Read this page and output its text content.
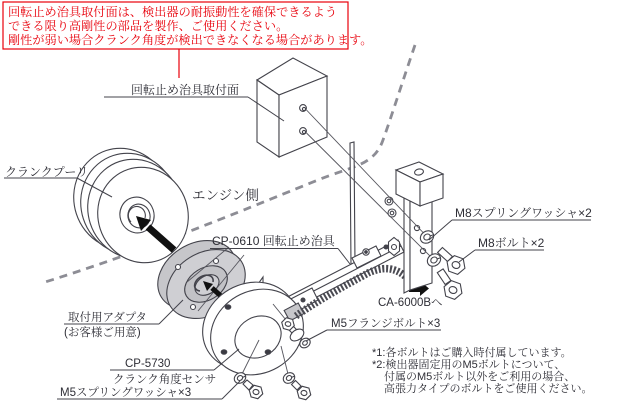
回転止め治具取付面は、検出器の耐振動性を確保できるよう
できる限り高剛性の部品を製作、ご使用ください。
剛性が弱い場合クランク角度が検出できなくなる場合があります。
回転止め治具取付面
クランクプーリ
エンジン側
CP-0610 回転止め治具
M8スプリングワッシャ×2
M8ボルト×2
CA-6000Bへ
M5フランジボルト×3
取付用アダプタ
(お客様ご用意)
CP-5730
クランク角度センサ
M5スプリングワッシャ×3
*1:各ボルトはご購入時付属しています。
*2:検出器固定用のM5ボルトについて、
付属のM5ボルト以外をご利用の場合、
高張力タイプのボルトをご使用ください。
